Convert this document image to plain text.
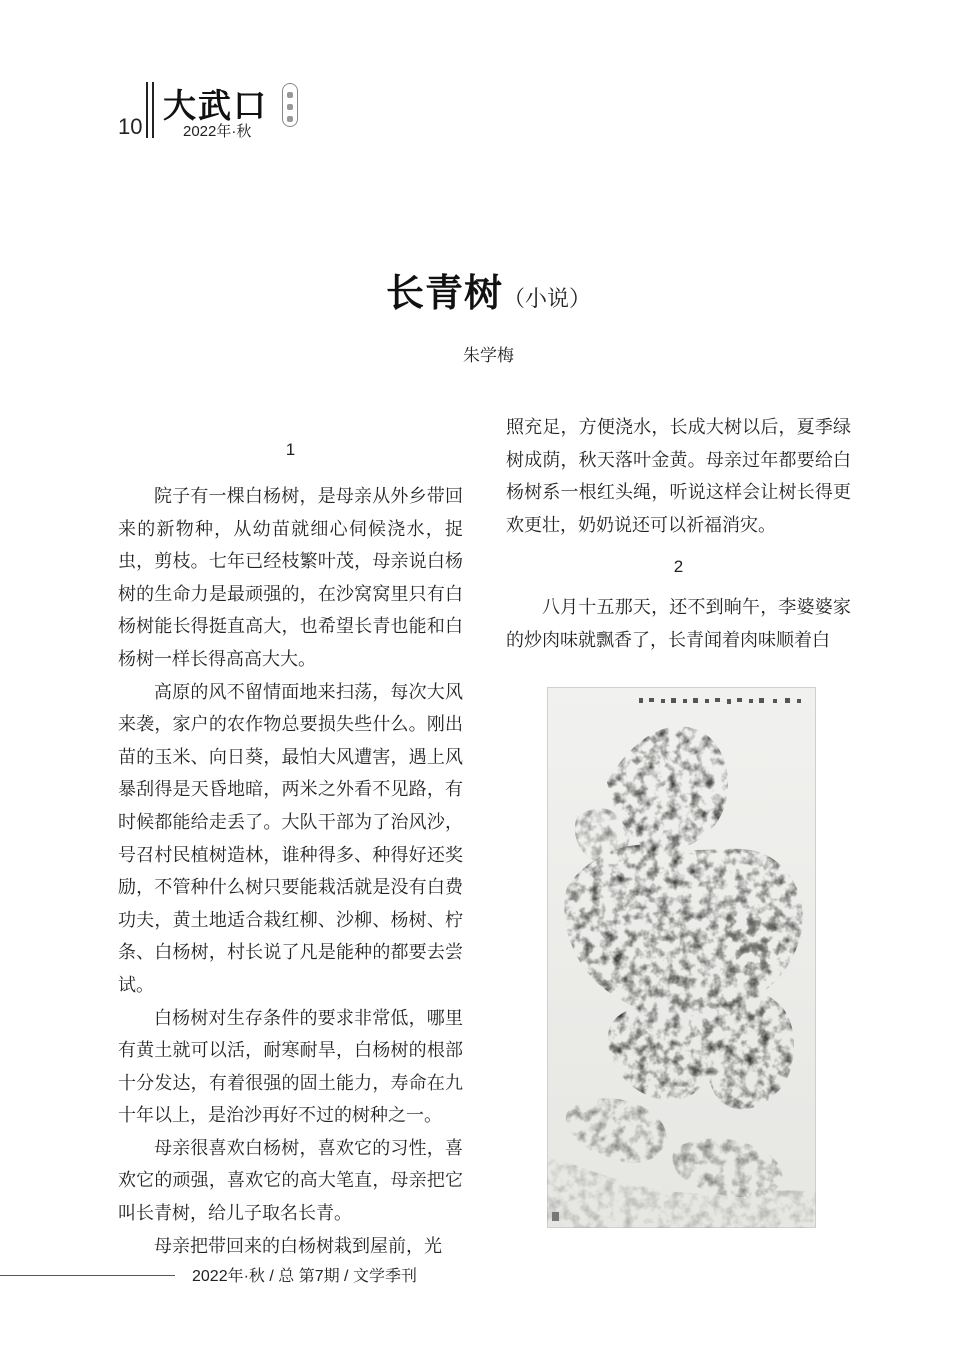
10
大武口
2022年·秋
长青树（小说）
朱学梅
1

院子有一棵白杨树，是母亲从外乡带回来的新物种，从幼苗就细心伺候浇水，捉虫，剪枝。七年已经枝繁叶茂，母亲说白杨树的生命力是最顽强的，在沙窝窝里只有白杨树能长得挺直高大，也希望长青也能和白杨树一样长得高高大大。

高原的风不留情面地来扫荡，每次大风来袭，家户的农作物总要损失些什么。刚出苗的玉米、向日葵，最怕大风遭害，遇上风暴刮得是天昏地暗，两米之外看不见路，有时候都能给走丢了。大队干部为了治风沙，号召村民植树造林，谁种得多、种得好还奖励，不管种什么树只要能栽活就是没有白费功夫，黄土地适合栽红柳、沙柳、杨树、柠条、白杨树，村长说了凡是能种的都要去尝试。

白杨树对生存条件的要求非常低，哪里有黄土就可以活，耐寒耐旱，白杨树的根部十分发达，有着很强的固土能力，寿命在九十年以上，是治沙再好不过的树种之一。

母亲很喜欢白杨树，喜欢它的习性，喜欢它的顽强，喜欢它的高大笔直，母亲把它叫长青树，给儿子取名长青。

母亲把带回来的白杨树栽到屋前，光

照充足，方便浇水，长成大树以后，夏季绿树成荫，秋天落叶金黄。母亲过年都要给白杨树系一根红头绳，听说这样会让树长得更欢更壮，奶奶说还可以祈福消灾。

2

八月十五那天，还不到晌午，李婆婆家的炒肉味就飘香了，长青闻着肉味顺着白

2022年·秋 / 总 第7期 / 文学季刊
